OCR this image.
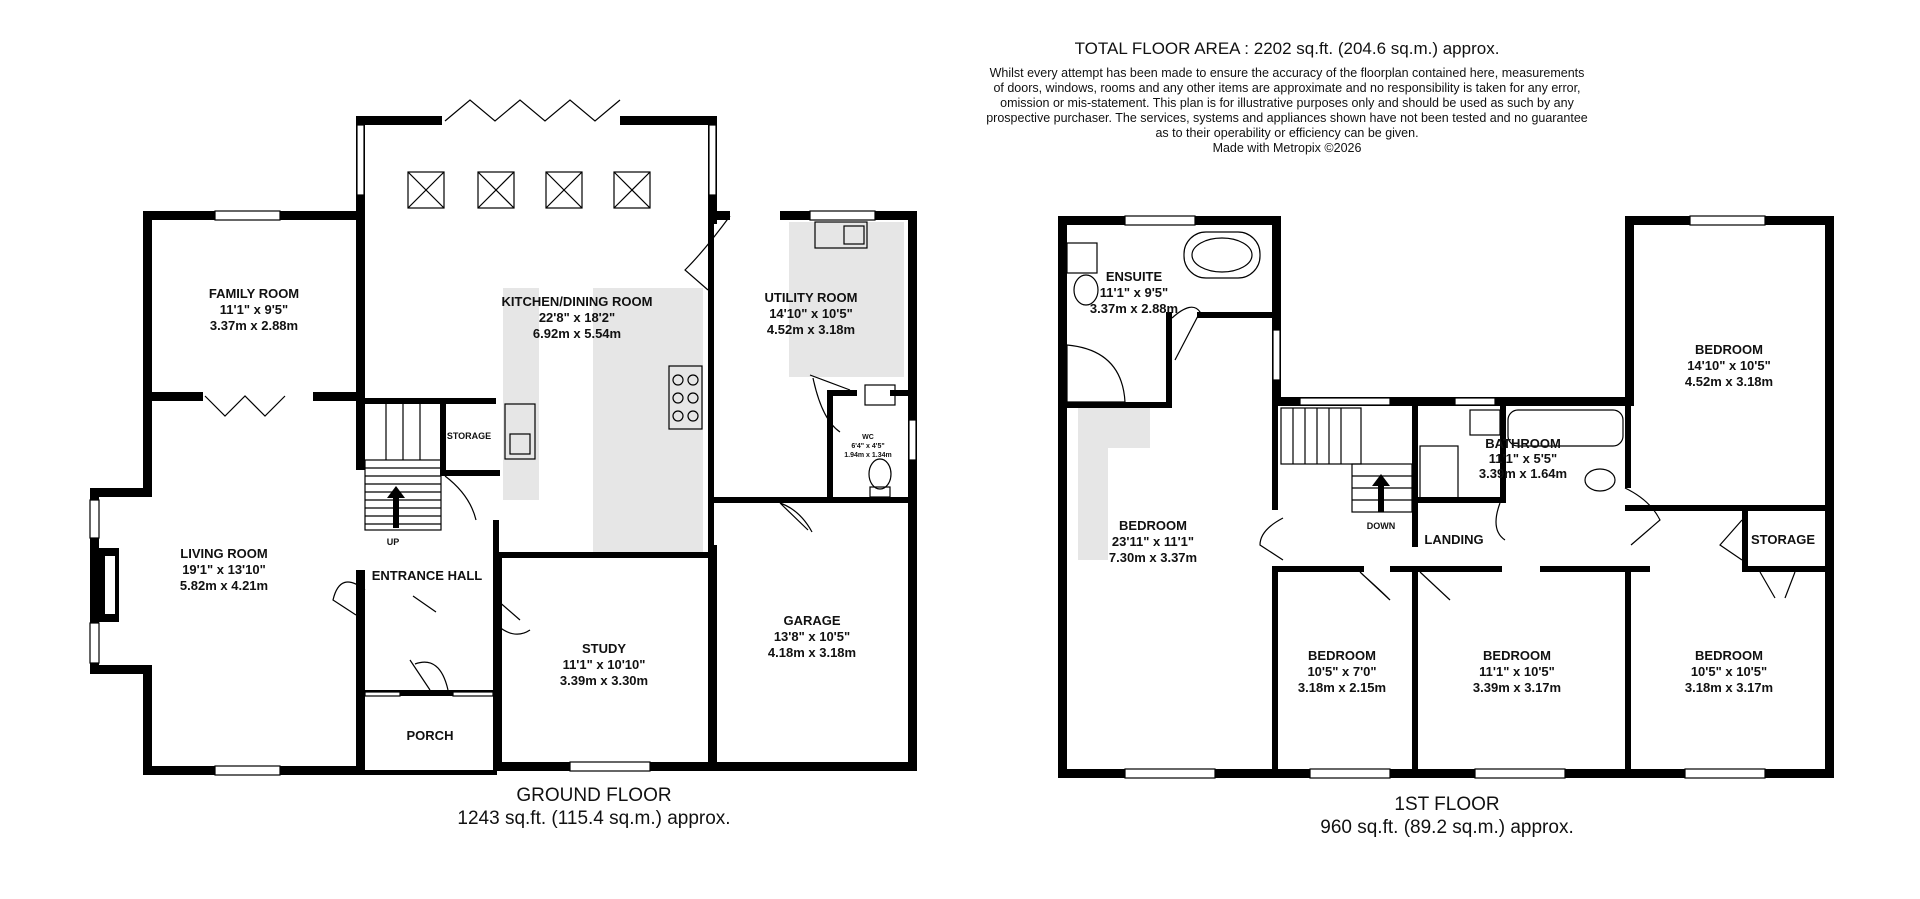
TOTAL FLOOR AREA : 2202 sq.ft. (204.6 sq.m.) approx.
Whilst every attempt has been made to ensure the accuracy of the floorplan contained here, measurements
of doors, windows, rooms and any other items are approximate and no responsibility is taken for any error,
omission or mis-statement. This plan is for illustrative purposes only and should be used as such by any
prospective purchaser. The services, systems and appliances shown have not been tested and no guarantee
as to their operability or efficiency can be given.
Made with Metropix ©2026
FAMILY ROOM
11'1" x 9'5"
3.37m x 2.88m
KITCHEN/DINING ROOM
22'8" x 18'2"
6.92m x 5.54m
UTILITY ROOM
14'10" x 10'5"
4.52m x 3.18m
WC
6'4" x 4'5"
1.94m x 1.34m
LIVING ROOM
19'1" x 13'10"
5.82m x 4.21m
STORAGE
UP
ENTRANCE HALL
STUDY
11'1" x 10'10"
3.39m x 3.30m
GARAGE
13'8" x 10'5"
4.18m x 3.18m
PORCH
GROUND FLOOR
1243 sq.ft. (115.4 sq.m.) approx.
ENSUITE
11'1" x 9'5"
3.37m x 2.88m
BEDROOM
23'11" x 11'1"
7.30m x 3.37m
BATHROOM
11'1" x 5'5"
3.39m x 1.64m
BEDROOM
14'10" x 10'5"
4.52m x 3.18m
DOWN
LANDING	STORAGE
BEDROOM
10'5" x 7'0"
3.18m x 2.15m
BEDROOM
11'1" x 10'5"
3.39m x 3.17m
BEDROOM
10'5" x 10'5"
3.18m x 3.17m
1ST FLOOR
960 sq.ft. (89.2 sq.m.) approx.
